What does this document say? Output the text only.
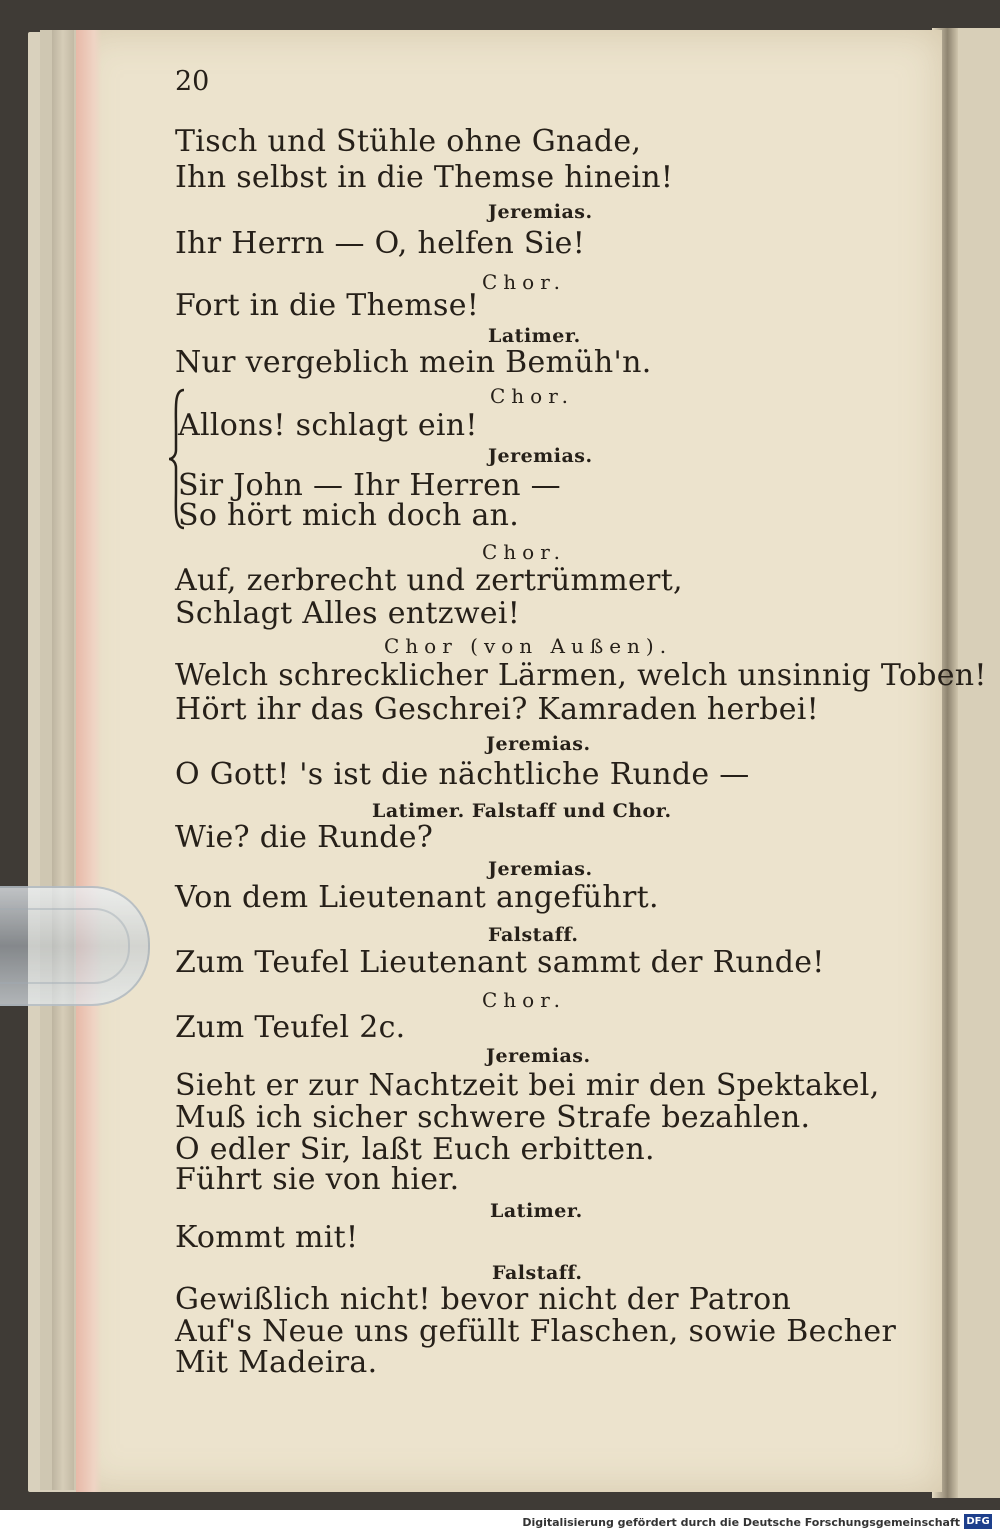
20
Tisch und Stühle ohne Gnade,
Ihn selbst in die Themse hinein!
Jeremias.
Ihr Herrn — O, helfen Sie!
Chor.
Fort in die Themse!
Latimer.
Nur vergeblich mein Bemüh'n.
Chor.
Allons! schlagt ein!
Jeremias.
Sir John — Ihr Herren —
So hört mich doch an.
Chor.
Auf, zerbrecht und zertrümmert,
Schlagt Alles entzwei!
Chor (von Außen).
Welch schrecklicher Lärmen, welch unsinnig Toben!
Hört ihr das Geschrei? Kamraden herbei!
Jeremias.
O Gott! 's ist die nächtliche Runde —
Latimer. Falstaff und Chor.
Wie? die Runde?
Jeremias.
Von dem Lieutenant angeführt.
Falstaff.
Zum Teufel Lieutenant sammt der Runde!
Chor.
Zum Teufel 2c.
Jeremias.
Sieht er zur Nachtzeit bei mir den Spektakel,
Muß ich sicher schwere Strafe bezahlen.
O edler Sir, laßt Euch erbitten.
Führt sie von hier.
Latimer.
Kommt mit!
Falstaff.
Gewißlich nicht! bevor nicht der Patron
Auf's Neue uns gefüllt Flaschen, sowie Becher
Mit Madeira.
Digitalisierung gefördert durch die Deutsche Forschungsgemeinschaft DFG
